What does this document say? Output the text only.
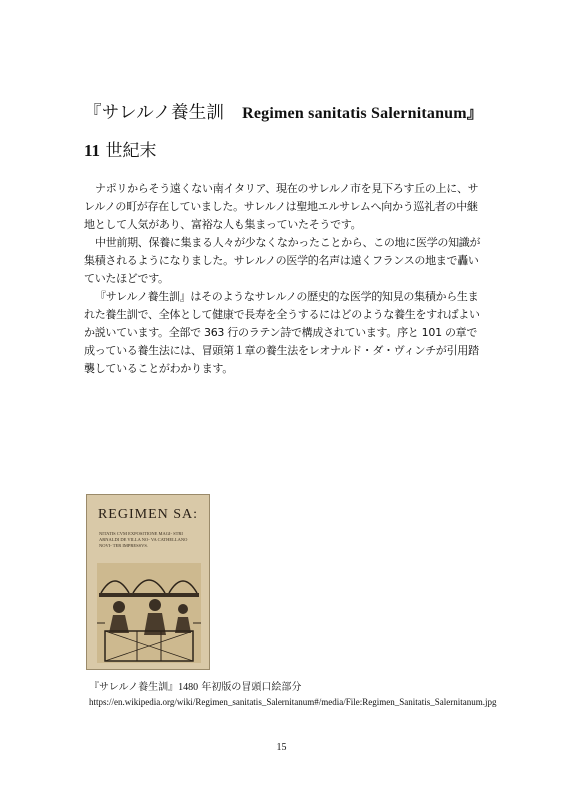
『サレルノ養生訓 Regimen sanitatis Salernitanum』
11 世紀末

ナポリからそう遠くない南イタリア、現在のサレルノ市を見下ろす丘の上に、サレルノの町が存在していました。サレルノは聖地エルサレムへ向かう巡礼者の中継地として人気があり、富裕な人も集まっていたそうです。

中世前期、保養に集まる人々が少なくなかったことから、この地に医学の知識が集積されるようになりました。サレルノの医学的名声は遠くフランスの地まで轟いていたほどです。

『サレルノ養生訓』はそのようなサレルノの歴史的な医学的知見の集積から生まれた養生訓で、全体として健康で長寿を全うするにはどのような養生をすればよいか説いています。全部で 363 行のラテン詩で構成されています。序と 101 の章で成っている養生法には、冒頭第１章の養生法をレオナルド・ダ・ヴィンチが引用踏襲していることがわかります。

REGIMEN SA:
NITATIS CVM EXPOSITIONE MAGI- STRI ARNALDI DE VILLA NO- VA CATHELLANO NOVI- TER IMPRESSVS.
『サレルノ養生訓』1480 年初版の冒頭口絵部分
https://en.wikipedia.org/wiki/Regimen_sanitatis_Salernitanum#/media/File:Regimen_Sanitatis_Salernitanum.jpg
15
